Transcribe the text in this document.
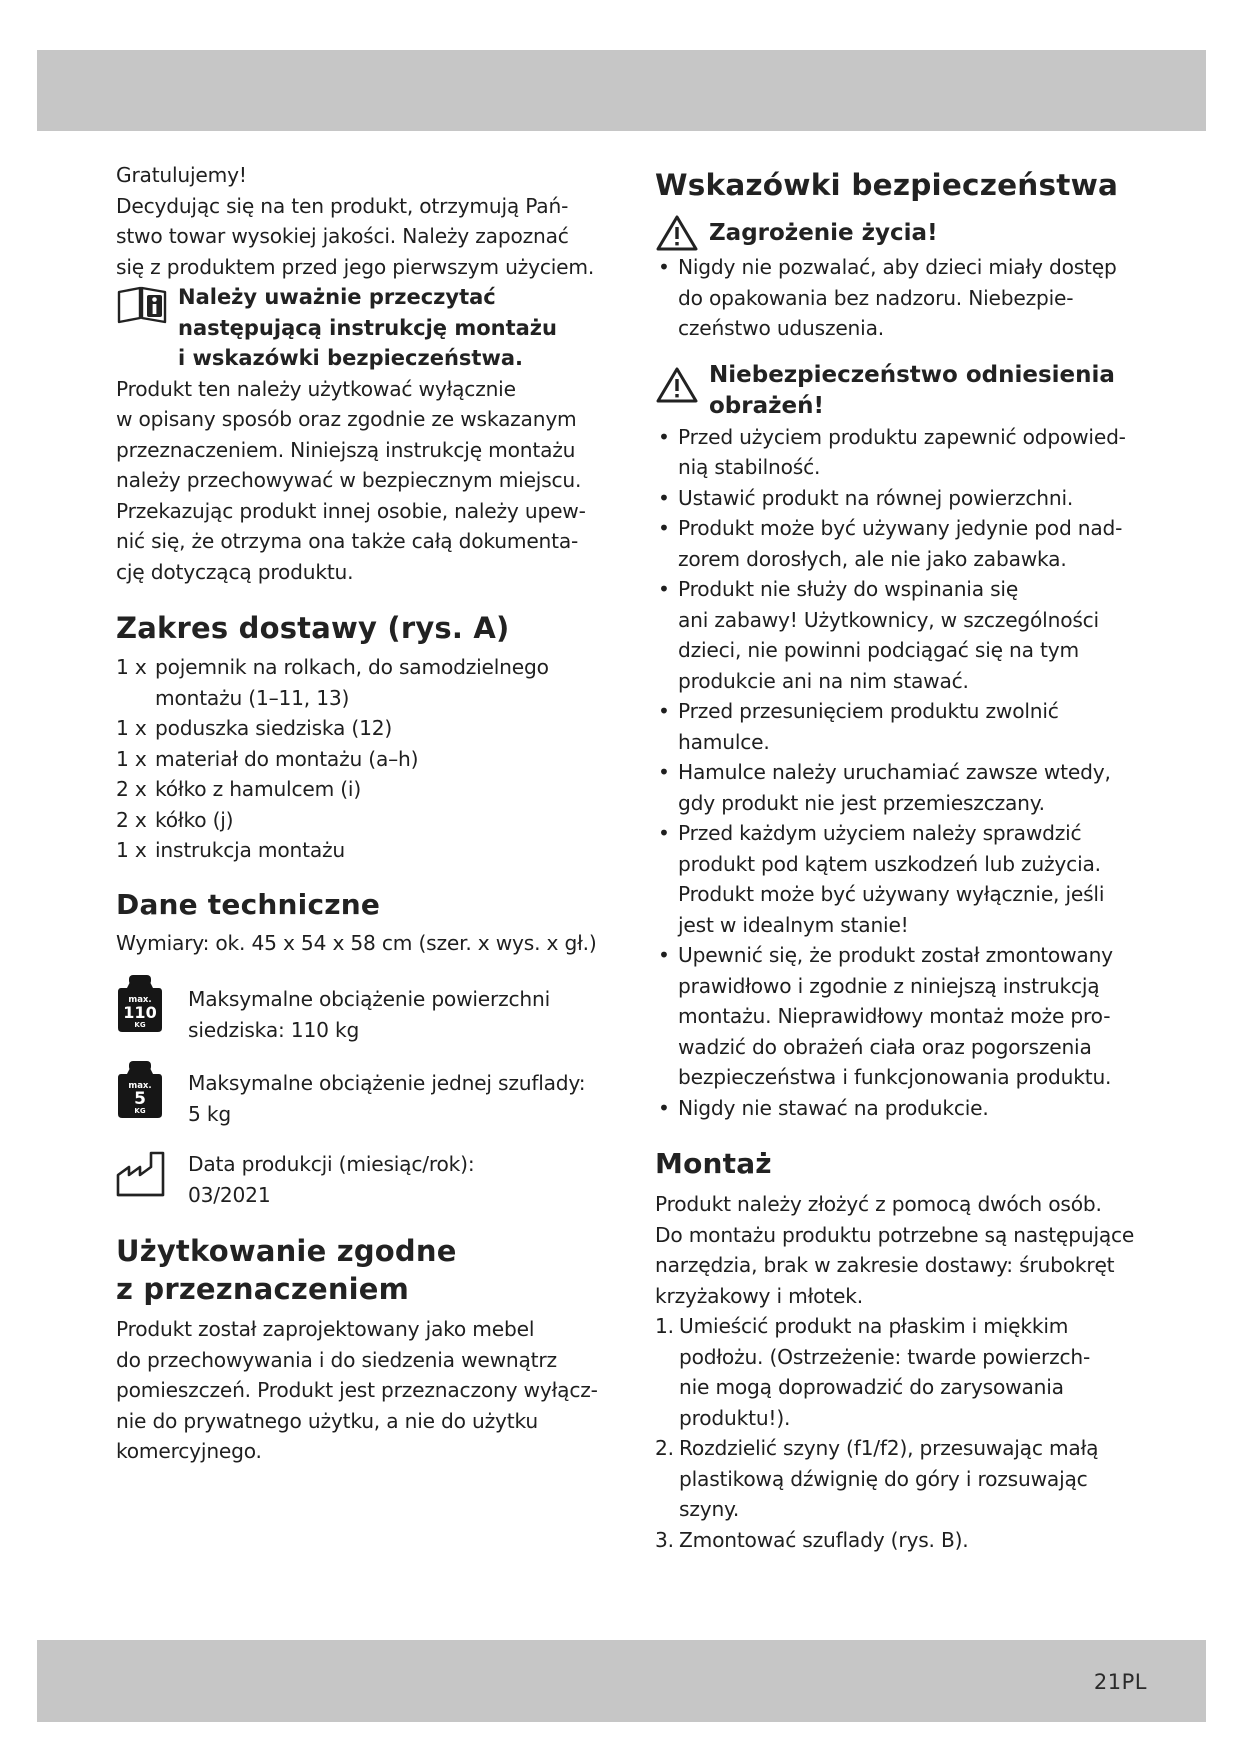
Gratulujemy!

Decydując się na ten produkt, otrzymują Pań-

stwo towar wysokiej jakości. Należy zapoznać

się z produktem przed jego pierwszym użyciem.

Należy uważnie przeczytać
następującą instrukcję montażu
i wskazówki bezpieczeństwa.

Produkt ten należy użytkować wyłącznie

w opisany sposób oraz zgodnie ze wskazanym

przeznaczeniem. Niniejszą instrukcję montażu

należy przechowywać w bezpiecznym miejscu.

Przekazując produkt innej osobie, należy upew-

nić się, że otrzyma ona także całą dokumenta-

cję dotyczącą produktu.

Zakres dostawy (rys. A)
1 x pojemnik na rolkach, do samodzielnego
montażu (1–11, 13)
1 x poduszka siedziska (12)
1 x materiał do montażu (a–h)
2 x kółko z hamulcem (i)
2 x kółko (j)
1 x instrukcja montażu
Dane techniczne

Wymiary: ok. 45 x 54 x 58 cm (szer. x wys. x gł.)

max.
110
KG
Maksymalne obciążenie powierzchni
siedziska: 110 kg
max.
5
KG
Maksymalne obciążenie jednej szuflady:
5 kg
Data produkcji (miesiąc/rok):
03/2021
Użytkowanie zgodne
z przeznaczeniem

Produkt został zaprojektowany jako mebel

do przechowywania i do siedzenia wewnątrz

pomieszczeń. Produkt jest przeznaczony wyłącz-

nie do prywatnego użytku, a nie do użytku

komercyjnego.

Wskazówki bezpieczeństwa
Zagrożenie życia!
• Nigdy nie pozwalać, aby dzieci miały dostęp
do opakowania bez nadzoru. Niebezpie-
czeństwo uduszenia.
Niebezpieczeństwo odniesienia
obrażeń!
• Przed użyciem produktu zapewnić odpowied-
nią stabilność.
• Ustawić produkt na równej powierzchni.
• Produkt może być używany jedynie pod nad-
zorem dorosłych, ale nie jako zabawka.
• Produkt nie służy do wspinania się
ani zabawy! Użytkownicy, w szczególności
dzieci, nie powinni podciągać się na tym
produkcie ani na nim stawać.
• Przed przesunięciem produktu zwolnić
hamulce.
• Hamulce należy uruchamiać zawsze wtedy,
gdy produkt nie jest przemieszczany.
• Przed każdym użyciem należy sprawdzić
produkt pod kątem uszkodzeń lub zużycia.
Produkt może być używany wyłącznie, jeśli
jest w idealnym stanie!
• Upewnić się, że produkt został zmontowany
prawidłowo i zgodnie z niniejszą instrukcją
montażu. Nieprawidłowy montaż może pro-
wadzić do obrażeń ciała oraz pogorszenia
bezpieczeństwa i funkcjonowania produktu.
• Nigdy nie stawać na produkcie.
Montaż

Produkt należy złożyć z pomocą dwóch osób.

Do montażu produktu potrzebne są następujące

narzędzia, brak w zakresie dostawy: śrubokręt

krzyżakowy i młotek.

1. Umieścić produkt na płaskim i miękkim
podłożu. (Ostrzeżenie: twarde powierzch-
nie mogą doprowadzić do zarysowania
produktu!).
2. Rozdzielić szyny (f1/f2), przesuwając małą
plastikową dźwignię do góry i rozsuwając
szyny.
3. Zmontować szuflady (rys. B).
21PL
